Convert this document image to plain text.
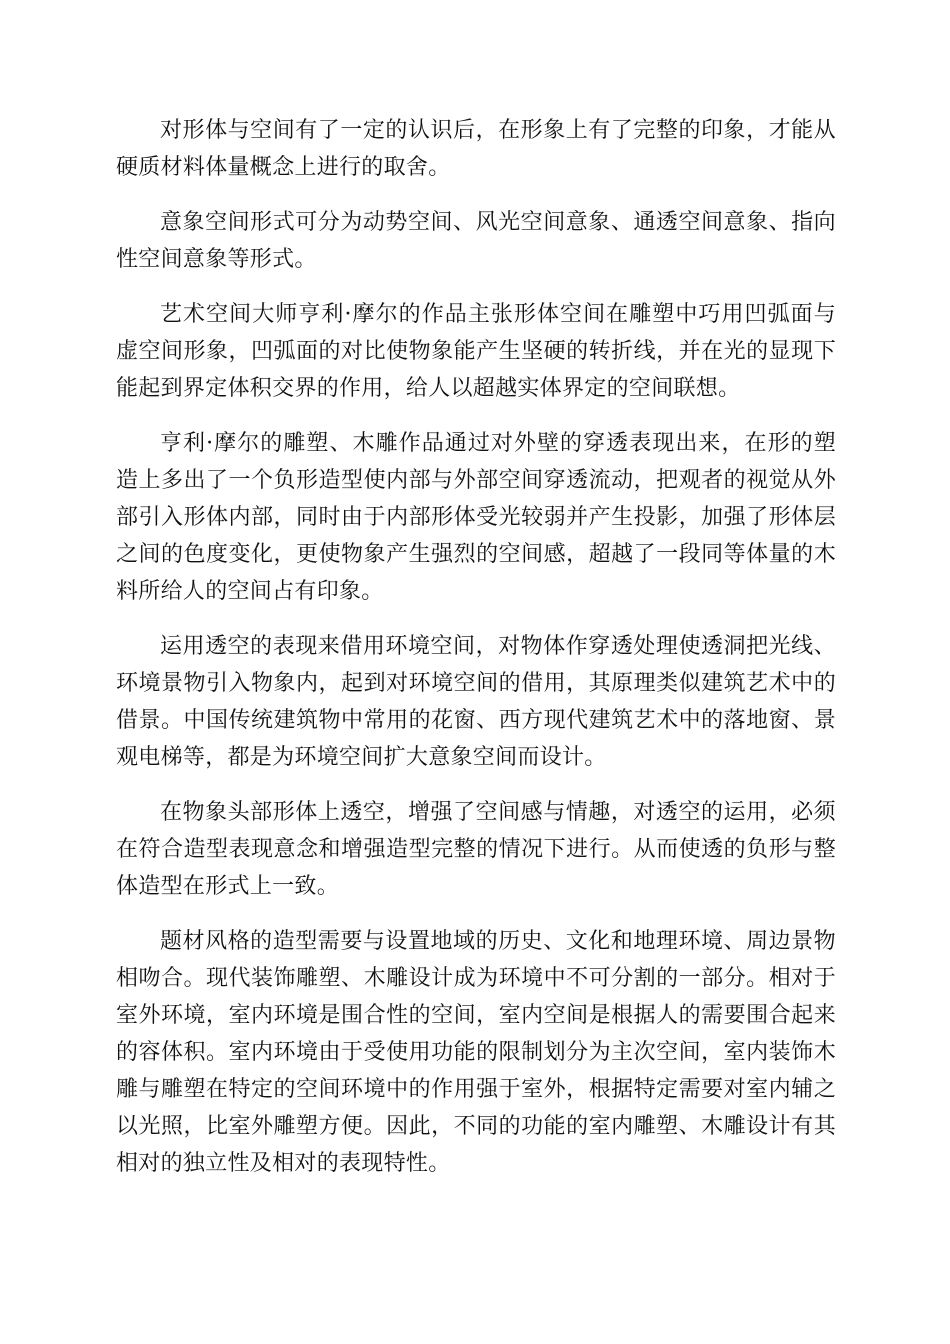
对形体与空间有了一定的认识后，在形象上有了完整的印象，才能从硬质材料体量概念上进行的取舍。

意象空间形式可分为动势空间、风光空间意象、通透空间意象、指向性空间意象等形式。

艺术空间大师亨利·摩尔的作品主张形体空间在雕塑中巧用凹弧面与虚空间形象，凹弧面的对比使物象能产生坚硬的转折线，并在光的显现下能起到界定体积交界的作用，给人以超越实体界定的空间联想。

亨利·摩尔的雕塑、木雕作品通过对外壁的穿透表现出来，在形的塑造上多出了一个负形造型使内部与外部空间穿透流动，把观者的视觉从外部引入形体内部，同时由于内部形体受光较弱并产生投影，加强了形体层之间的色度变化，更使物象产生强烈的空间感，超越了一段同等体量的木料所给人的空间占有印象。

运用透空的表现来借用环境空间，对物体作穿透处理使透洞把光线、环境景物引入物象内，起到对环境空间的借用，其原理类似建筑艺术中的借景。中国传统建筑物中常用的花窗、西方现代建筑艺术中的落地窗、景观电梯等，都是为环境空间扩大意象空间而设计。

在物象头部形体上透空，增强了空间感与情趣，对透空的运用，必须在符合造型表现意念和增强造型完整的情况下进行。从而使透的负形与整体造型在形式上一致。

题材风格的造型需要与设置地域的历史、文化和地理环境、周边景物相吻合。现代装饰雕塑、木雕设计成为环境中不可分割的一部分。相对于室外环境，室内环境是围合性的空间，室内空间是根据人的需要围合起来的容体积。室内环境由于受使用功能的限制划分为主次空间，室内装饰木雕与雕塑在特定的空间环境中的作用强于室外，根据特定需要对室内辅之以光照，比室外雕塑方便。因此，不同的功能的室内雕塑、木雕设计有其相对的独立性及相对的表现特性。
